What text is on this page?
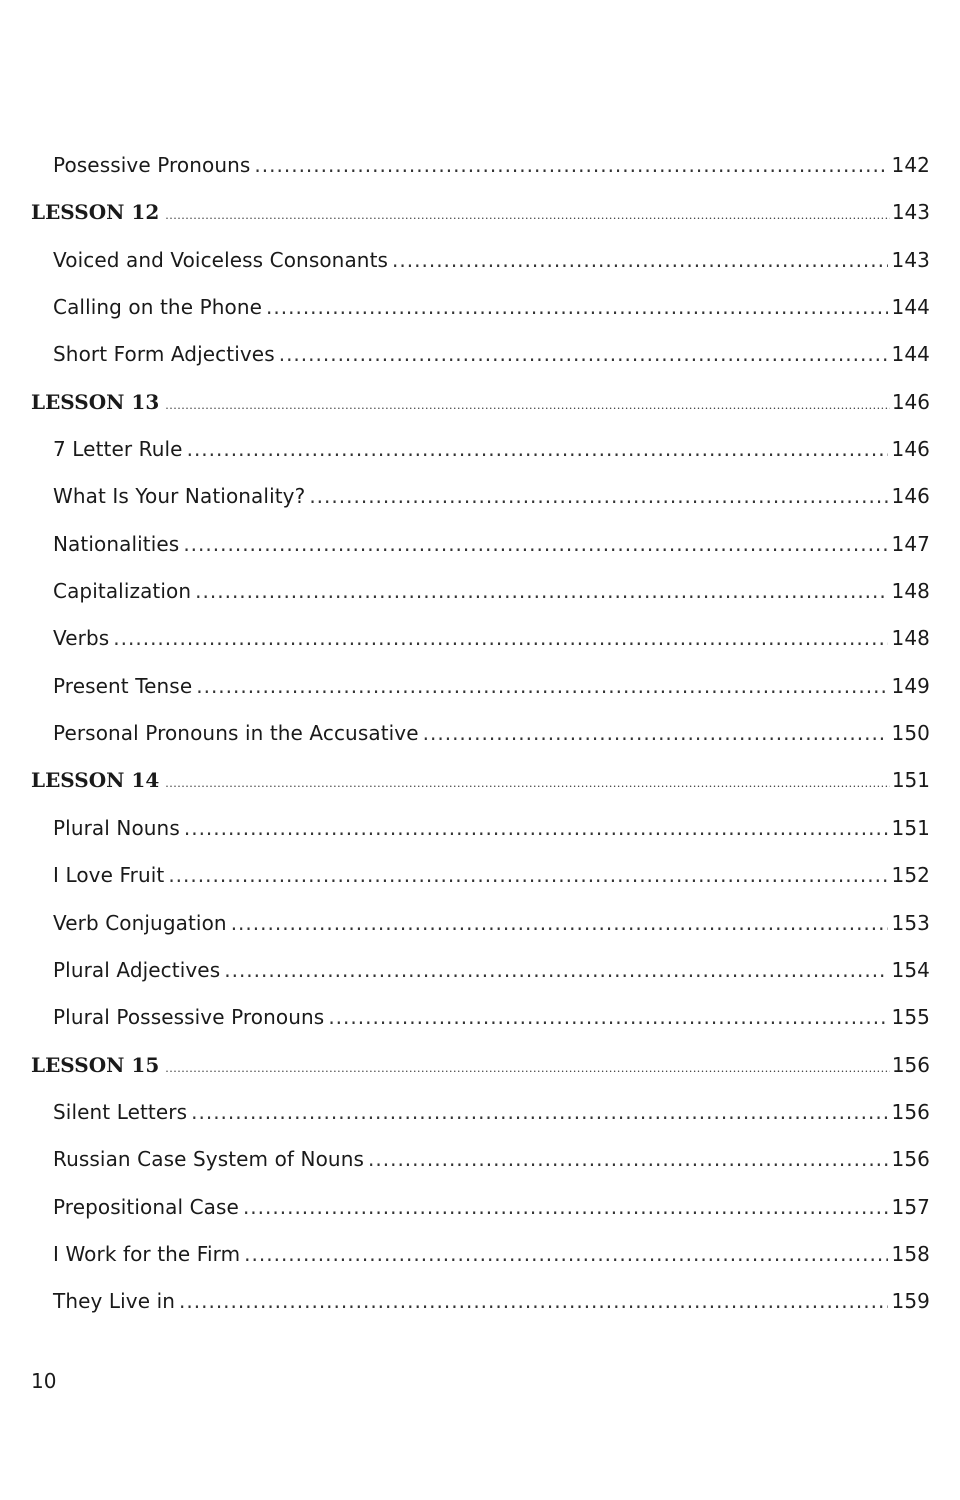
Posessive Pronouns .....	142
LESSON 12 .....	143
Voiced and Voiceless Consonants .....	143
Calling on the Phone .....	144
Short Form Adjectives .....	144
LESSON 13 .....	146
7 Letter Rule .....	146
What Is Your Nationality? .....	146
Nationalities .....	147
Capitalization .....	148
Verbs .....	148
Present Tense .....	149
Personal Pronouns in the Accusative .....	150
LESSON 14 .....	151
Plural Nouns .....	151
I Love Fruit .....	152
Verb Conjugation .....	153
Plural Adjectives .....	154
Plural Possessive Pronouns .....	155
LESSON 15 .....	156
Silent Letters .....	156
Russian Case System of Nouns .....	156
Prepositional Case .....	157
I Work for the Firm .....	158
They Live in .....	159
10
